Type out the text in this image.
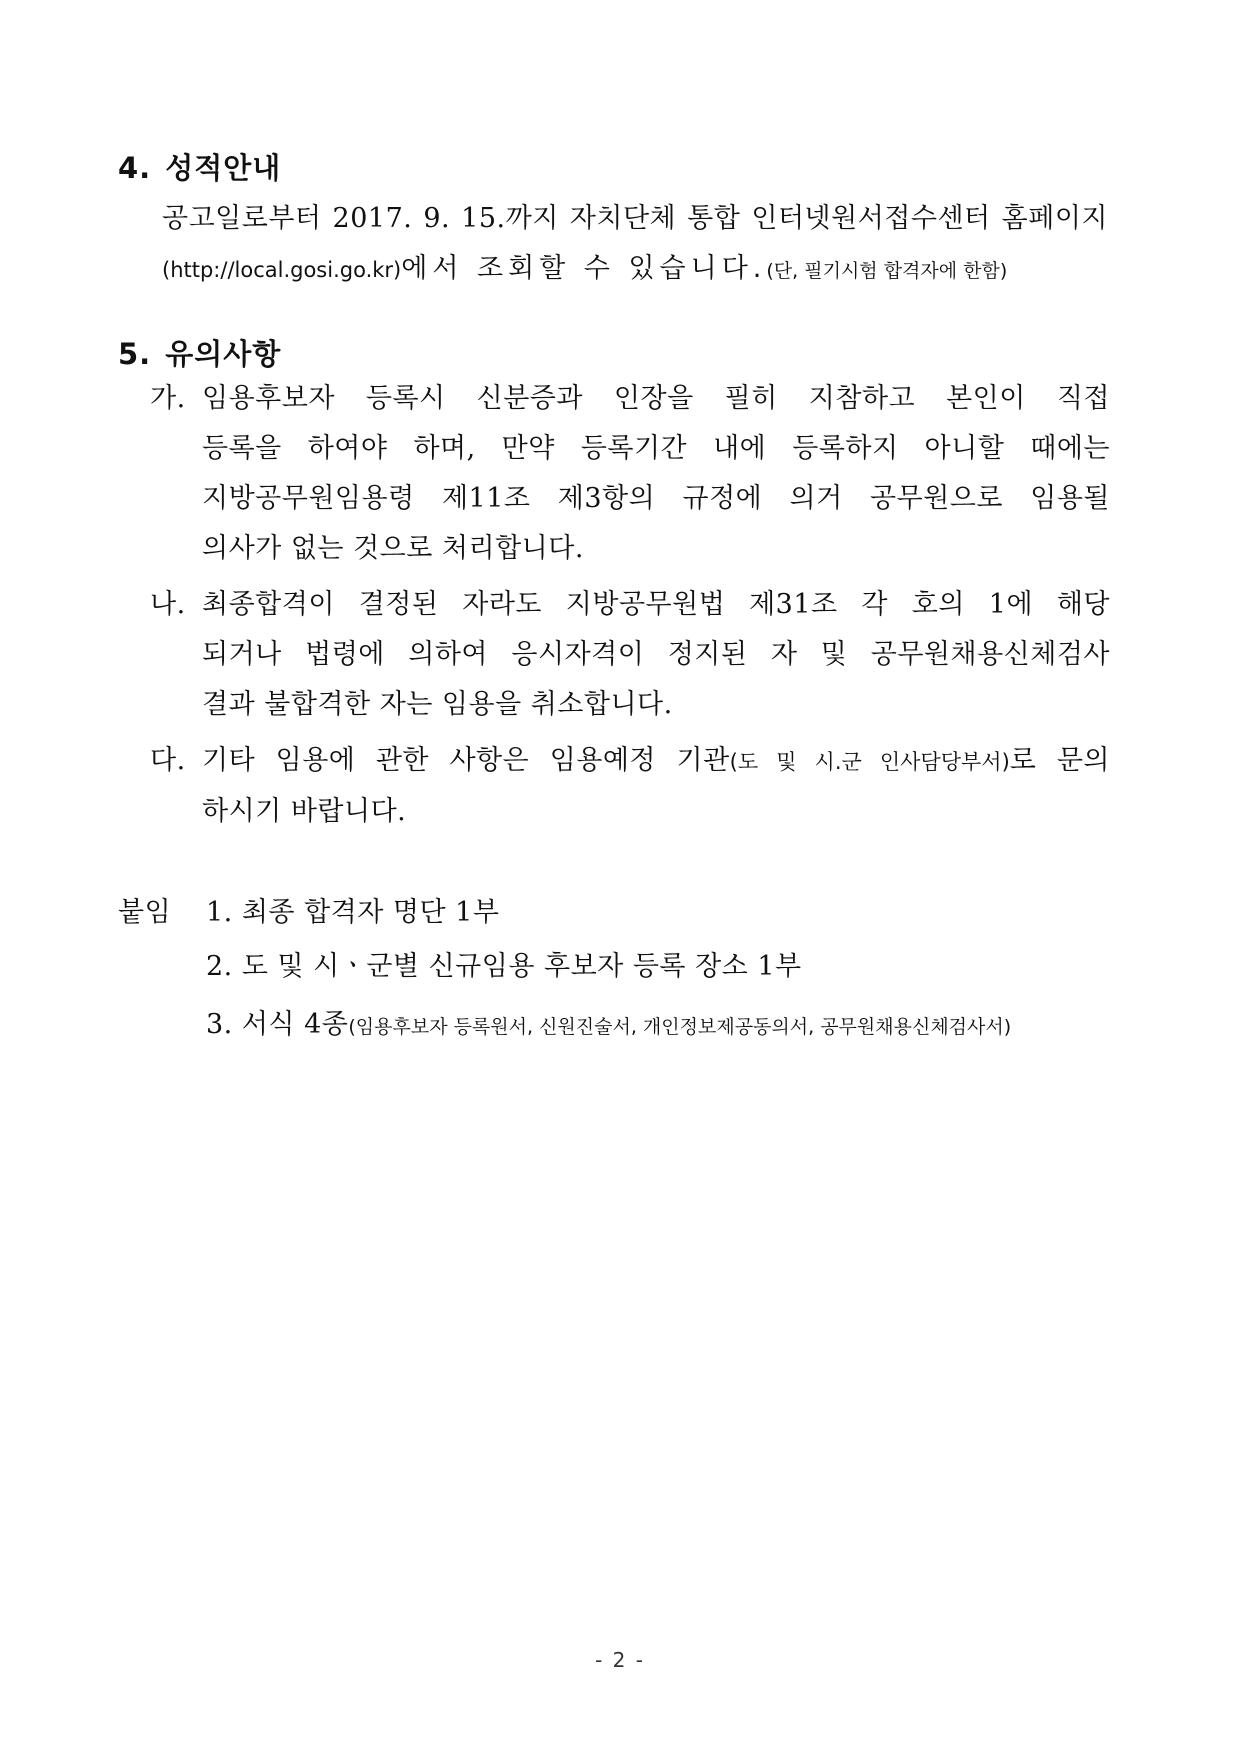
4. 성적안내
공고일로부터 2017. 9. 15.까지 자치단체 통합 인터넷원서접수센터 홈페이지
(http://local.gosi.go.kr)에서 조회할 수 있습니다.(단, 필기시험 합격자에 한함)
5. 유의사항
가. 임용후보자 등록시 신분증과 인장을 필히 지참하고 본인이 직접
등록을 하여야 하며, 만약 등록기간 내에 등록하지 아니할 때에는
지방공무원임용령 제11조 제3항의 규정에 의거 공무원으로 임용될
의사가 없는 것으로 처리합니다.
나. 최종합격이 결정된 자라도 지방공무원법 제31조 각 호의 1에 해당
되거나 법령에 의하여 응시자격이 정지된 자 및 공무원채용신체검사
결과 불합격한 자는 임용을 취소합니다.
다. 기타 임용에 관한 사항은 임용예정 기관(도 및 시.군 인사담당부서)로 문의
하시기 바랍니다.
붙임 1. 최종 합격자 명단 1부
2. 도 및 시ㆍ군별 신규임용 후보자 등록 장소 1부
3. 서식 4종(임용후보자 등록원서, 신원진술서, 개인정보제공동의서, 공무원채용신체검사서)
- 2 -
